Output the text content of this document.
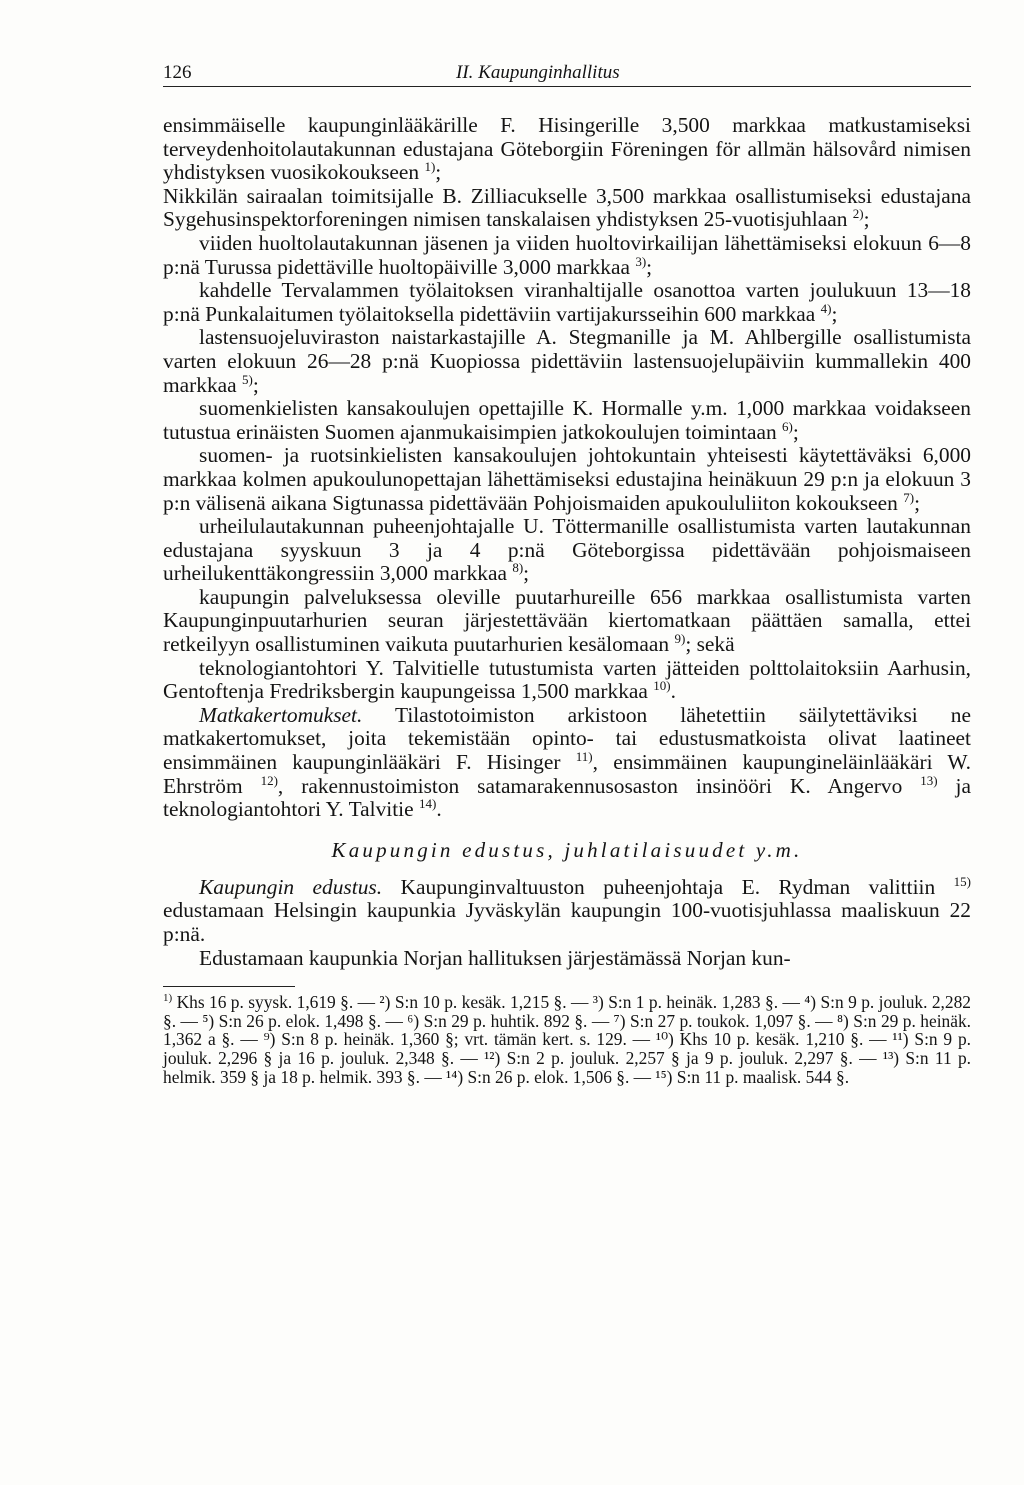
126	II. Kaupunginhallitus

ensimmäiselle kaupunginlääkärille F. Hisingerille 3,500 markkaa matkustamiseksi terveydenhoitolautakunnan edustajana Göteborgiin Föreningen för allmän hälsovård nimisen yhdistyksen vuosikokoukseen $^{1)}$;

Nikkilän sairaalan toimitsijalle B. Zilliacukselle 3,500 markkaa osallistumiseksi edustajana Sygehusinspektorforeningen nimisen tanskalaisen yhdistyksen 25-vuotisjuhlaan $^{2)}$;

viiden huoltolautakunnan jäsenen ja viiden huoltovirkailijan lähettämiseksi elokuun 6—8 p:nä Turussa pidettäville huoltopäiville 3,000 markkaa $^{3)}$;

kahdelle Tervalammen työlaitoksen viranhaltijalle osanottoa varten joulukuun 13—18 p:nä Punkalaitumen työlaitoksella pidettäviin vartijakursseihin 600 markkaa $^{4)}$;

lastensuojeluviraston naistarkastajille A. Stegmanille ja M. Ahlbergille osallistumista varten elokuun 26—28 p:nä Kuopiossa pidettäviin lastensuojelupäiviin kummallekin 400 markkaa $^{5)}$;

suomenkielisten kansakoulujen opettajille K. Hormalle y.m. 1,000 markkaa voidakseen tutustua erinäisten Suomen ajanmukaisimpien jatkokoulujen toimintaan $^{6)}$;

suomen- ja ruotsinkielisten kansakoulujen johtokuntain yhteisesti käytettäväksi 6,000 markkaa kolmen apukoulunopettajan lähettämiseksi edustajina heinäkuun 29 p:n ja elokuun 3 p:n välisenä aikana Sigtunassa pidettävään Pohjoismaiden apukoululiiton kokoukseen $^{7)}$;

urheilulautakunnan puheenjohtajalle U. Töttermanille osallistumista varten lautakunnan edustajana syyskuun 3 ja 4 p:nä Göteborgissa pidettävään pohjoismaiseen urheilukenttäkongressiin 3,000 markkaa $^{8)}$;

kaupungin palveluksessa oleville puutarhureille 656 markkaa osallistumista varten Kaupunginpuutarhurien seuran järjestettävään kiertomatkaan päättäen samalla, ettei retkeilyyn osallistuminen vaikuta puutarhurien kesälomaan $^{9)}$; sekä

teknologiantohtori Y. Talvitielle tutustumista varten jätteiden polttolaitoksiin Aarhusin, Gentoftenja Fredriksbergin kaupungeissa 1,500 markkaa $^{10)}$.

Matkakertomukset. Tilastotoimiston arkistoon lähetettiin säilytettäviksi ne matkakertomukset, joita tekemistään opinto- tai edustusmatkoista olivat laatineet ensimmäinen kaupunginlääkäri F. Hisinger $^{11)}$, ensimmäinen kaupungineläinlääkäri W. Ehrström $^{12)}$, rakennustoimiston satamarakennusosaston insinööri K. Angervo $^{13)}$ ja teknologiantohtori Y. Talvitie $^{14)}$.

Kaupungin edustus, juhlatilaisuudet y.m.

Kaupungin edustus. Kaupunginvaltuuston puheenjohtaja E. Rydman valittiin $^{15)}$ edustamaan Helsingin kaupunkia Jyväskylän kaupungin 100-vuotisjuhlassa maaliskuun 22 p:nä.

Edustamaan kaupunkia Norjan hallituksen järjestämässä Norjan kun-

$^{1)}$ Khs 16 p. syysk. 1,619 §. — ²) S:n 10 p. kesäk. 1,215 §. — ³) S:n 1 p. heinäk. 1,283 §. — ⁴) S:n 9 p. jouluk. 2,282 §. — ⁵) S:n 26 p. elok. 1,498 §. — ⁶) S:n 29 p. huhtik. 892 §. — ⁷) S:n 27 p. toukok. 1,097 §. — ⁸) S:n 29 p. heinäk. 1,362 a §. — ⁹) S:n 8 p. heinäk. 1,360 §; vrt. tämän kert. s. 129. — ¹⁰) Khs 10 p. kesäk. 1,210 §. — ¹¹) S:n 9 p. jouluk. 2,296 § ja 16 p. jouluk. 2,348 §. — ¹²) S:n 2 p. jouluk. 2,257 § ja 9 p. jouluk. 2,297 §. — ¹³) S:n 11 p. helmik. 359 § ja 18 p. helmik. 393 §. — ¹⁴) S:n 26 p. elok. 1,506 §. — ¹⁵) S:n 11 p. maalisk. 544 §.
